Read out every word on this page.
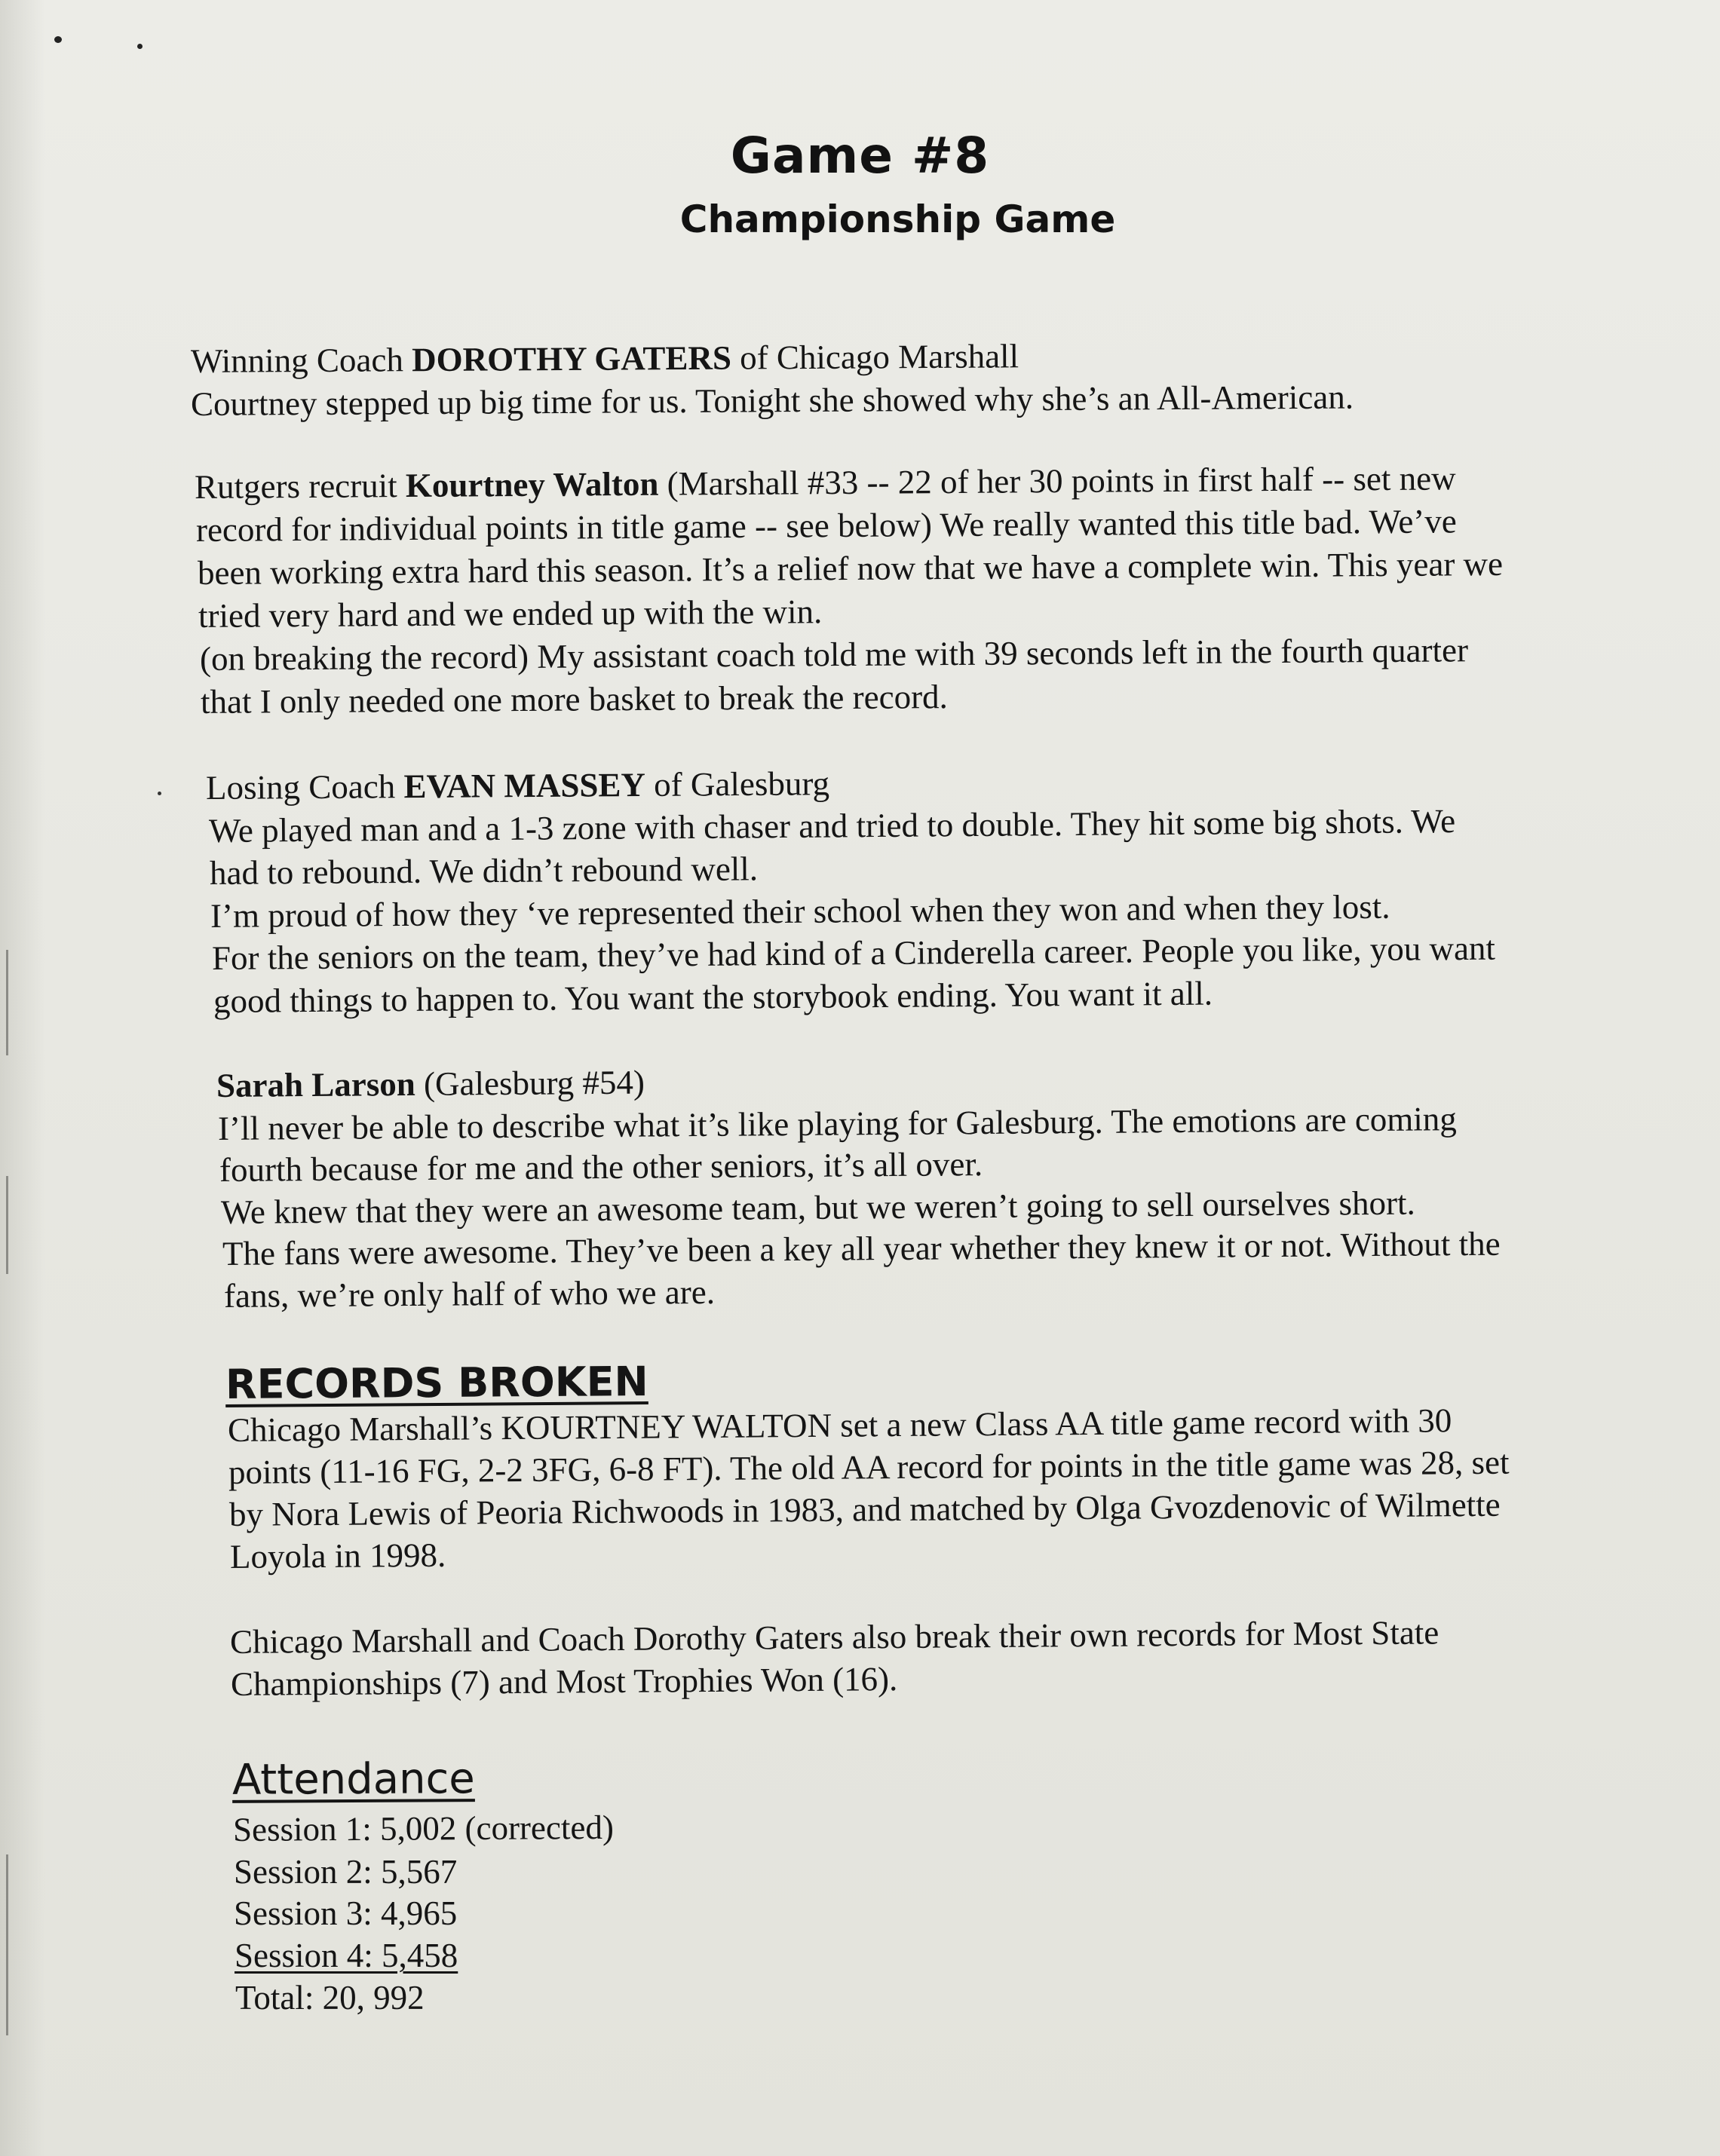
Game #8
Championship Game
Winning Coach DOROTHY GATERS of Chicago Marshall
Courtney stepped up big time for us. Tonight she showed why she’s an All-American.
Rutgers recruit Kourtney Walton (Marshall #33 -- 22 of her 30 points in first half -- set new
record for individual points in title game -- see below) We really wanted this title bad. We’ve
been working extra hard this season. It’s a relief now that we have a complete win. This year we
tried very hard and we ended up with the win.
(on breaking the record) My assistant coach told me with 39 seconds left in the fourth quarter
that I only needed one more basket to break the record.
Losing Coach EVAN MASSEY of Galesburg
We played man and a 1-3 zone with chaser and tried to double. They hit some big shots. We
had to rebound. We didn’t rebound well.
I’m proud of how they ‘ve represented their school when they won and when they lost.
For the seniors on the team, they’ve had kind of a Cinderella career. People you like, you want
good things to happen to. You want the storybook ending. You want it all.
Sarah Larson (Galesburg #54)
I’ll never be able to describe what it’s like playing for Galesburg. The emotions are coming
fourth because for me and the other seniors, it’s all over.
We knew that they were an awesome team, but we weren’t going to sell ourselves short.
The fans were awesome. They’ve been a key all year whether they knew it or not. Without the
fans, we’re only half of who we are.
RECORDS BROKEN
Chicago Marshall’s KOURTNEY WALTON set a new Class AA title game record with 30
points (11-16 FG, 2-2 3FG, 6-8 FT). The old AA record for points in the title game was 28, set
by Nora Lewis of Peoria Richwoods in 1983, and matched by Olga Gvozdenovic of Wilmette
Loyola in 1998.
Chicago Marshall and Coach Dorothy Gaters also break their own records for Most State
Championships (7) and Most Trophies Won (16).
Attendance
Session 1: 5,002 (corrected)
Session 2: 5,567
Session 3: 4,965
Session 4: 5,458
Total: 20, 992
